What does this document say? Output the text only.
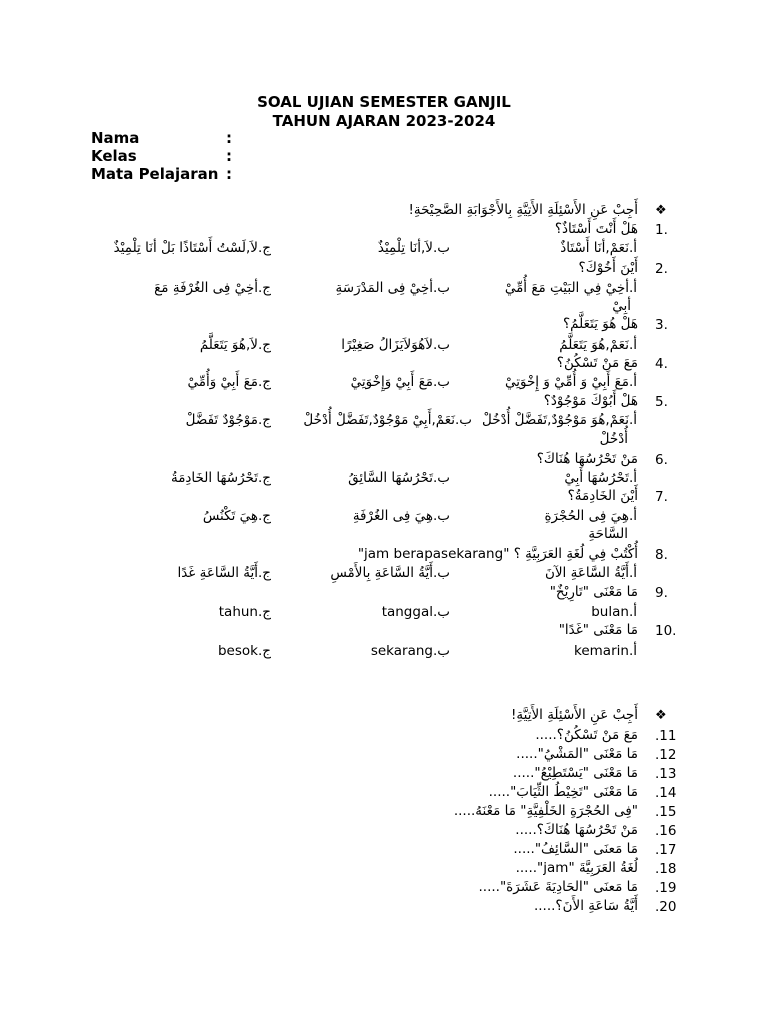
SOAL UJIAN SEMESTER GANJIL
TAHUN AJARAN 2023-2024
Nama	:
Kelas	:
Mata Pelajaran :
❖
أَجِبْ عَنِ الأَسْئِلَةِ الأَتِيَّةِ بِالأَجْوَابَةِ الصَّحِيْحَةِ!
1.
هَلْ أَنْتَ أَسْتَاذٌ؟
أ.نَعَمْ,أنَا أَسْتَاذٌ
ب.لاَ,أنَا تِلْمِيْذٌ
ج.لاَ,لَسْتُ أَسْتَاذًا بَلْ أنَا تِلْمِيْذٌ
2.
أَيْنَ أَخُوْكَ؟
أ.أخِيْ فِي البَيْتِ مَعَ أُمِّيْ
ب.أخِيْ فِى المَدْرَسَةِ
ج.أخِيْ فِى الغُرْفَةِ مَعَ
أبِيْ
3.
هَلْ هُوَ يَتَعَلَّمُ؟
أ.نَعَمْ,هُوَ يَتَعَلَّمُ
ب.لاَهُوَلاَيَزَالُ صَغِيْرًا
ج.لاَ,هُوَ يَتَعَلَّمُ
4.
مَعَ مَنْ تَسْكُنُ؟
أ.مَعَ أَبِيْ وَ أُمِّيْ وَ إِخْوَتِيْ
ب.مَعَ أَبِيْ وَإِخْوَتِيْ
ج.مَعَ أَبِيْ وَأُمِّيْ
5.
هَلْ أَبُوْكَ مَوْجُوْدٌ؟
أ.نَعَمْ,هُوَ مَوْجُوْدٌ,تَفَضَّلْ أُدْخُلْ
ب.نَعَمْ,أَبِيْ مَوْجُوْدٌ,تَفَضَّلْ أُدْخُلْ
ج.مَوْجُوْدٌ تَفَضَّلْ
أُدْخُلْ
6.
مَنْ تَحْرُسُهَا هُنَاكَ؟
أ.تَحْرُسُهَا أَبِيْ
ب.تَحْرُسُهَا السَّائِقُ
ج.تَحْرُسُهَا الخَادِمَةُ
7.
أَيْنَ الخَادِمَةُ؟
أ.هِيَ فِى الحُجْرَةِ
ب.هِيَ فِى الغُرْفَةِ
ج.هِيَ تَكْنُسُ
السَّاحَةِ
8.
أُكْتُبْ فِي لُغَةِ العَرَبِيَّةِ ؟ "jam berapasekarang"
أ.أَيَّةُ السَّاعَةِ الآنَ
ب.أَيَّةُ السَّاعَةِ بِالأَمْسِ
ج.أَيَّةُ السَّاعَةِ غَدًا
9.
مَا مَعْنَى "تَارِيْخٌ"
أ.bulan
ب.tanggal
ج.tahun
10.
مَا مَعْنَى "غَدًا"
أ.kemarin
ب.sekarang
ج.besok
❖
أَجِبْ عَنِ الأَسْئِلَةِ الأَتِيَّةِ!
.11
مَعَ مَنْ تَسْكُنُ؟.....
.12
مَا مَعْنَى "المَشْيُ".....
.13
مَا مَعْنَى "يَسْتَطِيْعُ".....
.14
مَا مَعْنَى "تَخِيْطُ الثِّيَابَ".....
.15
"فِى الحُجْرَةِ الخَلْفِيَّةِ" مَا مَعْنَهُ.....
.16
مَنْ تَحْرُسُهَا هُنَاكَ؟.....
.17
مَا مَعنَى "السَّائِفُ".....
.18
لُغَةُ العَرَبِيَّةَ "jam".....
.19
مَا مَعنَى "الحَادِيَةَ عَشَرَةَ".....
.20
أَيَّةُ سَاعَةِ الأَنَ؟.....
